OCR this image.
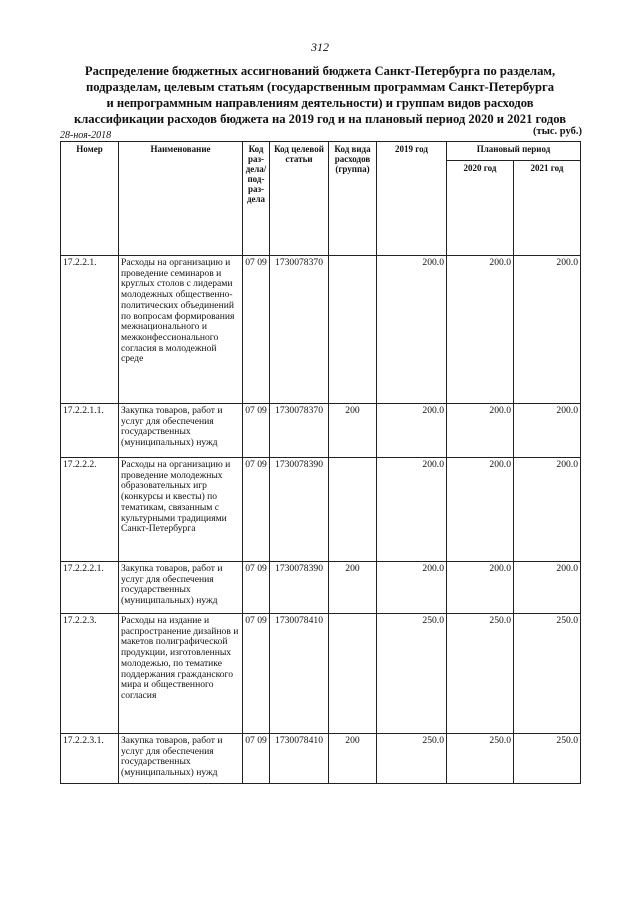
312
Распределение бюджетных ассигнований бюджета Санкт-Петербурга по разделам,
подразделам, целевым статьям (государственным программам Санкт-Петербурга
и непрограммным направлениям деятельности) и группам видов расходов
классификации расходов бюджета на 2019 год и на плановый период 2020 и 2021 годов
28-ноя-2018	(тыс. руб.)
Номер	Наименование	Код раз-дела/ под-раз-дела	Код целевой статьи	Код вида расходов (группа)	2019 год	Плановый период	
						2020 год	2021 год
17.2.2.1.	Расходы на организацию и проведение семинаров и круглых столов с лидерами молодежных общественно-политических объединений по вопросам формирования межнационального и межконфессионального согласия в молодежной среде	07 09	1730078370		200.0	200.0	200.0
17.2.2.1.1.	Закупка товаров, работ и услуг для обеспечения государственных (муниципальных) нужд	07 09	1730078370	200	200.0	200.0	200.0
17.2.2.2.	Расходы на организацию и проведение молодежных образовательных игр (конкурсы и квесты) по тематикам, связанным с культурными традициями Санкт-Петербурга	07 09	1730078390		200.0	200.0	200.0
17.2.2.2.1.	Закупка товаров, работ и услуг для обеспечения государственных (муниципальных) нужд	07 09	1730078390	200	200.0	200.0	200.0
17.2.2.3.	Расходы на издание и распространение дизайнов и макетов полиграфической продукции, изготовленных молодежью, по тематике поддержания гражданского мира и общественного согласия	07 09	1730078410		250.0	250.0	250.0
17.2.2.3.1.	Закупка товаров, работ и услуг для обеспечения государственных (муниципальных) нужд	07 09	1730078410	200	250.0	250.0	250.0
